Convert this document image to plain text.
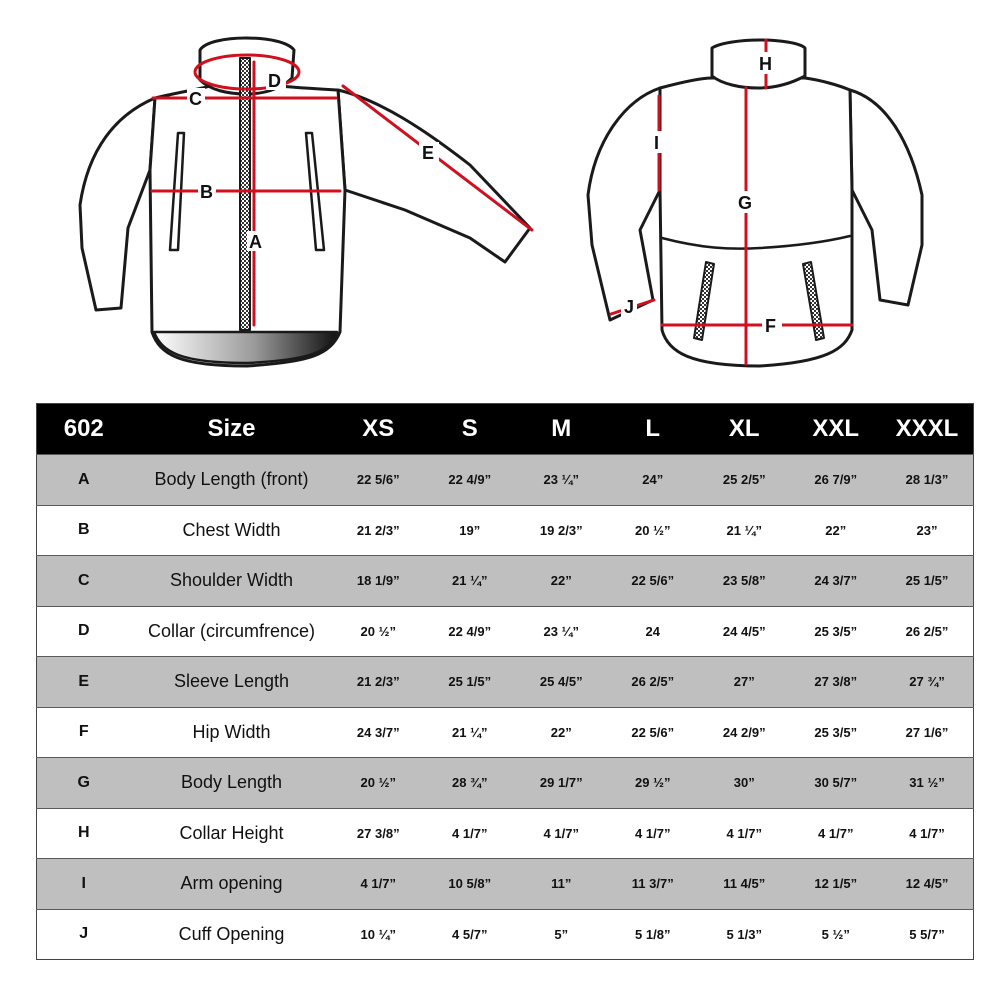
C
B
A
D
E
H
G
I
F
J
602	Size	XS	S	M	L	XL	XXL	XXXL
A	Body Length (front)	22 5/6”	22 4/9”	23 ¼”	24”	25 2/5”	26 7/9”	28 1/3”
B	Chest Width	21 2/3”	19”	19 2/3”	20 ½”	21 ¼”	22”	23”
C	Shoulder Width	18 1/9”	21 ¼”	22”	22 5/6”	23 5/8”	24 3/7”	25 1/5”
D	Collar (circumfrence)	20 ½”	22 4/9”	23 ¼”	24	24 4/5”	25 3/5”	26 2/5”
E	Sleeve Length	21 2/3”	25 1/5”	25 4/5”	26 2/5”	27”	27 3/8”	27 ¾”
F	Hip Width	24 3/7”	21 ¼”	22”	22 5/6”	24 2/9”	25 3/5”	27 1/6”
G	Body Length	20 ½”	28 ¾”	29 1/7”	29 ½”	30”	30 5/7”	31 ½”
H	Collar Height	27 3/8”	4 1/7”	4 1/7”	4 1/7”	4 1/7”	4 1/7”	4 1/7”
I	Arm opening	4 1/7”	10 5/8”	11”	11 3/7”	11 4/5”	12 1/5”	12 4/5”
J	Cuff Opening	10 ¼”	4 5/7”	5”	5 1/8”	5 1/3”	5 ½”	5 5/7”
